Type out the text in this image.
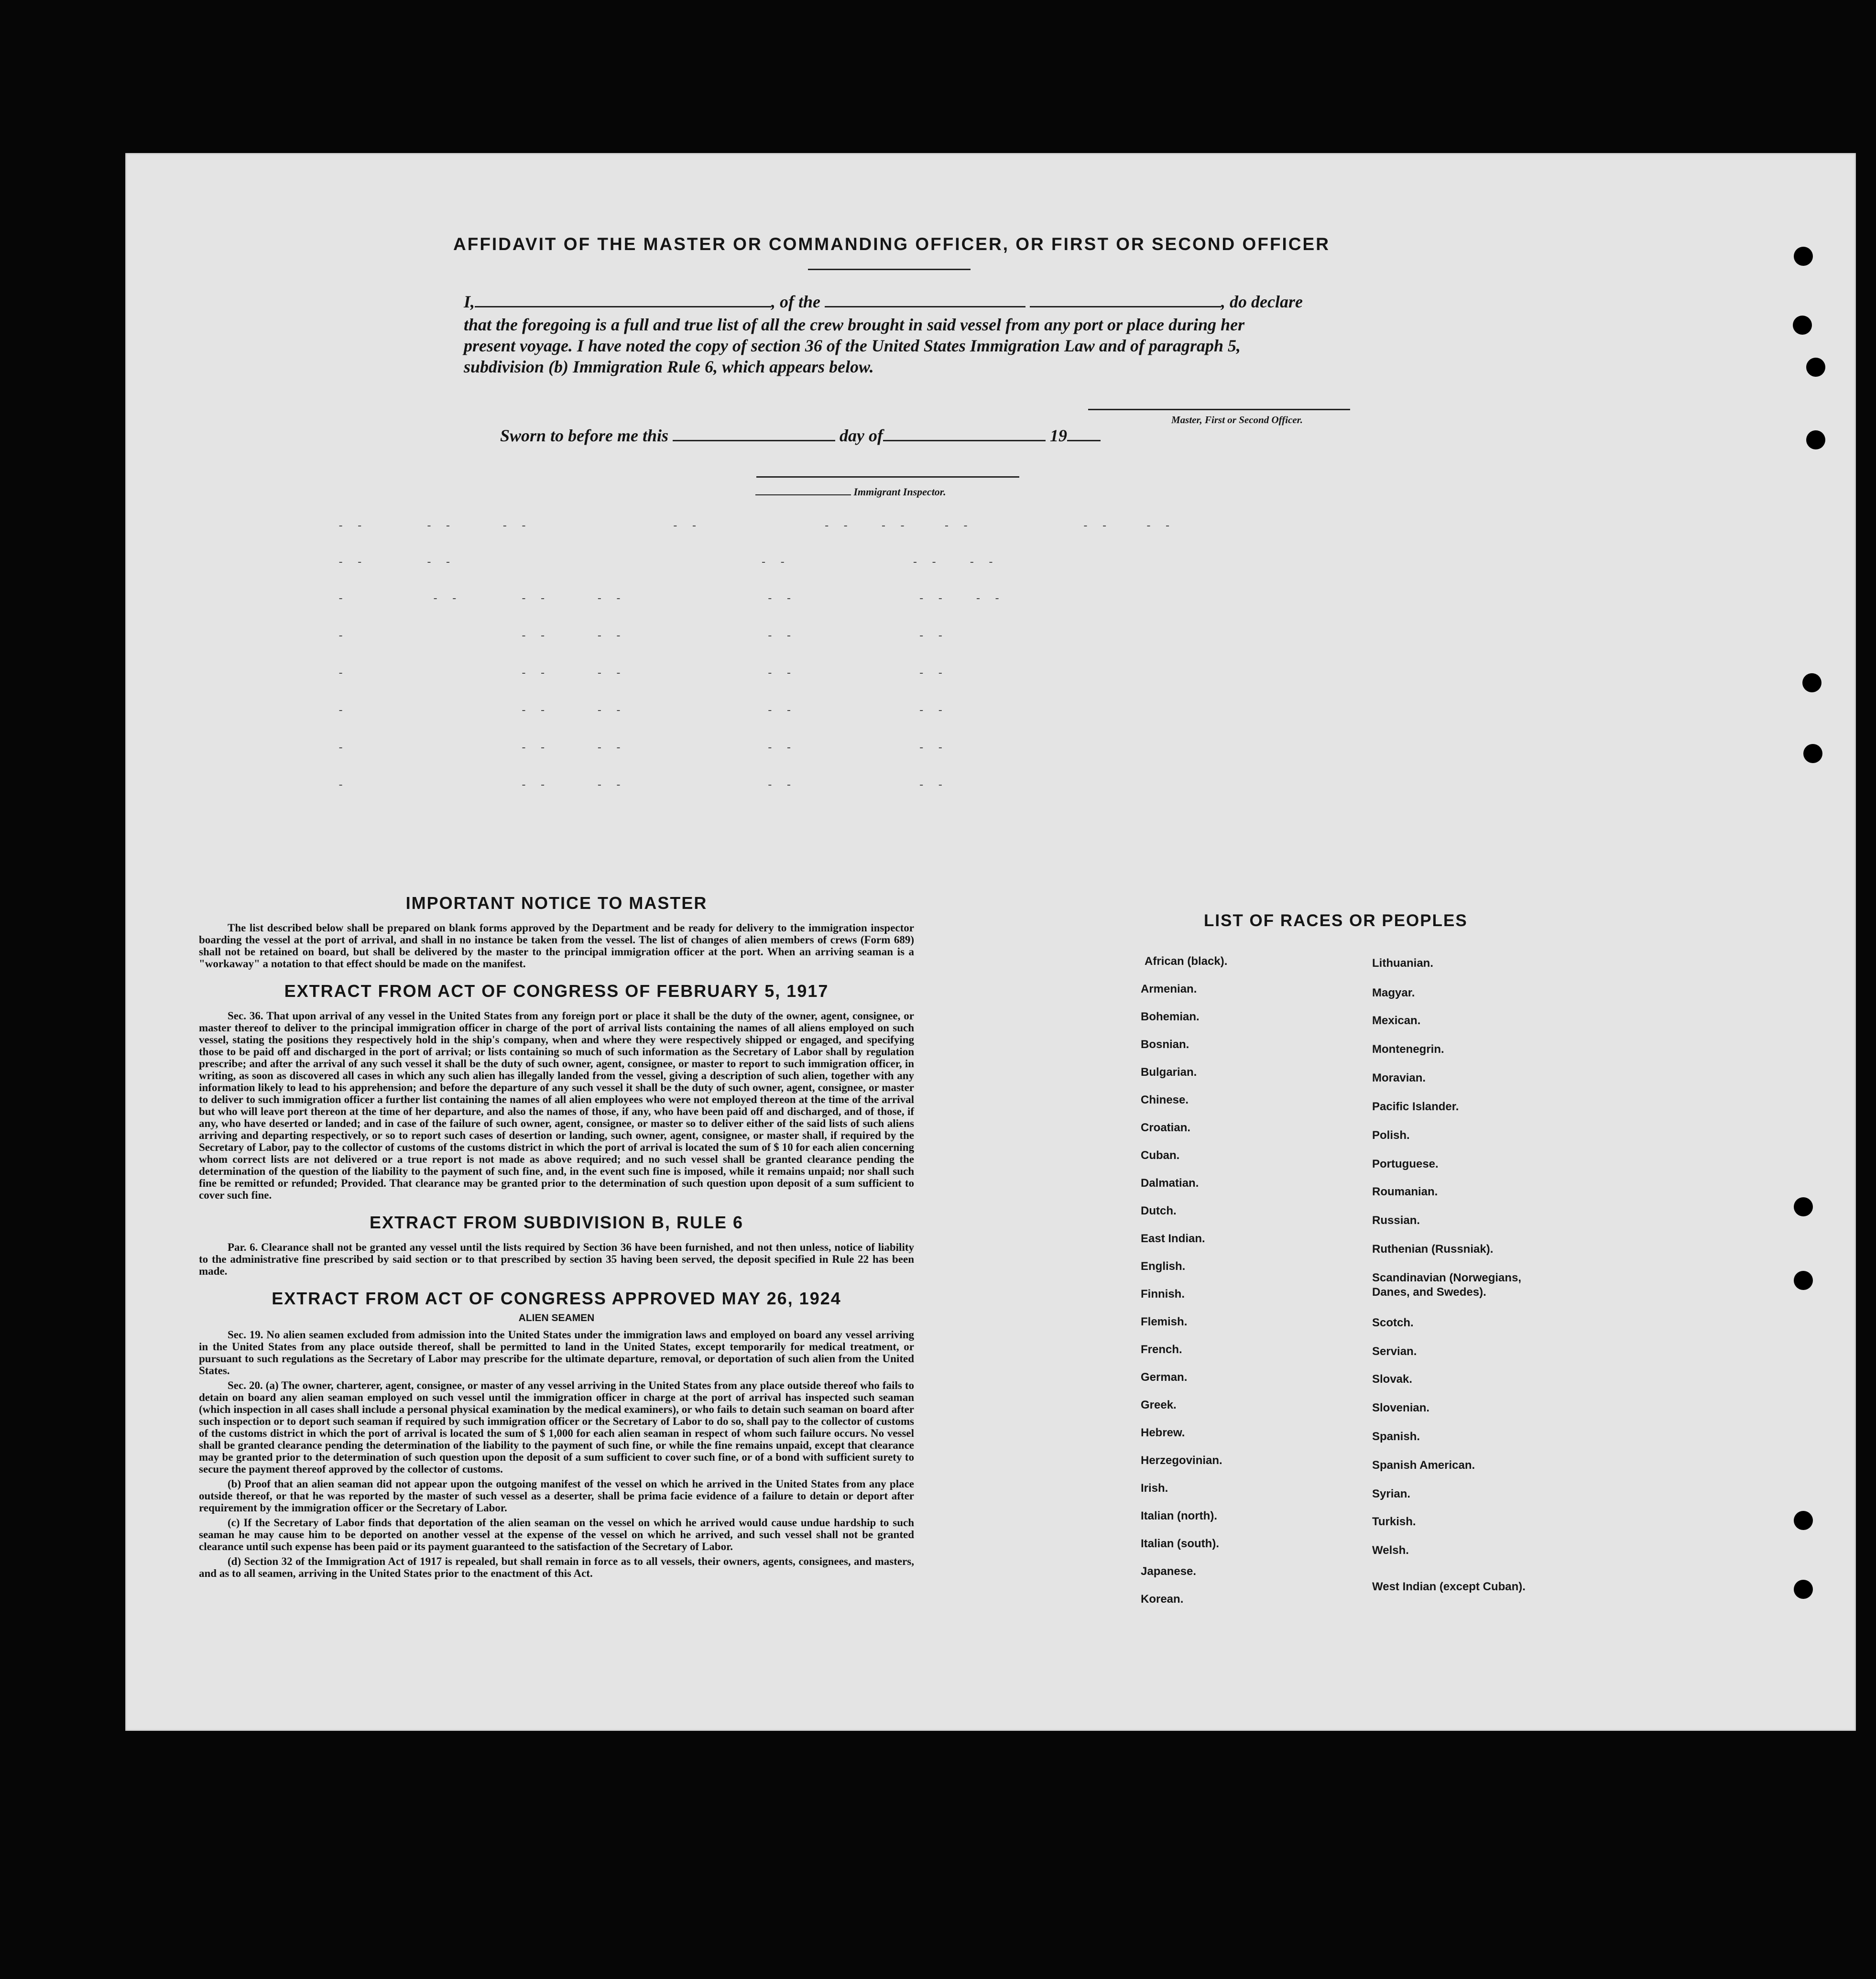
AFFIDAVIT OF THE MASTER OR COMMANDING OFFICER, OR FIRST OR SECOND OFFICER
I,	, of the	, do declare
that the foregoing is a full and true list of all the crew brought in said vessel from any port or place during her
present voyage. I have noted the copy of section 36 of the United States Immigration Law and of paragraph 5,
subdivision (b) Immigration Rule 6, which appears below.
Master, First or Second Officer.
Sworn to before me this	day of	19
Immigrant Inspector.
-  -          -  -        -  -                       -  -                    -  -     -  -      -  -                  -  -      -  -
-  -          -  -                                                 -  -                    -  -     -  -
-              -  -          -  -        -  -                       -  -                    -  -     -  -
-                            -  -        -  -                       -  -                    -  -
-                            -  -        -  -                       -  -                    -  -
-                            -  -        -  -                       -  -                    -  -
-                            -  -        -  -                       -  -                    -  -
-                            -  -        -  -                       -  -                    -  -
IMPORTANT NOTICE TO MASTER

The list described below shall be prepared on blank forms approved by the Department and be ready for delivery to the immigration inspector boarding the vessel at the port of arrival, and shall in no instance be taken from the vessel. The list of changes of alien members of crews (Form 689) shall not be retained on board, but shall be delivered by the master to the principal immigration officer at the port. When an arriving seaman is a "workaway" a notation to that effect should be made on the manifest.

EXTRACT FROM ACT OF CONGRESS OF FEBRUARY 5, 1917

Sec. 36. That upon arrival of any vessel in the United States from any foreign port or place it shall be the duty of the owner, agent, consignee, or master thereof to deliver to the principal immigration officer in charge of the port of arrival lists containing the names of all aliens employed on such vessel, stating the positions they respectively hold in the ship's company, when and where they were respectively shipped or engaged, and specifying those to be paid off and discharged in the port of arrival; or lists containing so much of such information as the Secretary of Labor shall by regulation prescribe; and after the arrival of any such vessel it shall be the duty of such owner, agent, consignee, or master to report to such immigration officer, in writing, as soon as discovered all cases in which any such alien has illegally landed from the vessel, giving a description of such alien, together with any information likely to lead to his apprehension; and before the departure of any such vessel it shall be the duty of such owner, agent, consignee, or master to deliver to such immigration officer a further list containing the names of all alien employees who were not employed thereon at the time of the arrival but who will leave port thereon at the time of her departure, and also the names of those, if any, who have been paid off and discharged, and of those, if any, who have deserted or landed; and in case of the failure of such owner, agent, consignee, or master so to deliver either of the said lists of such aliens arriving and departing respectively, or so to report such cases of desertion or landing, such owner, agent, consignee, or master shall, if required by the Secretary of Labor, pay to the collector of customs of the customs district in which the port of arrival is located the sum of $ 10 for each alien concerning whom correct lists are not delivered or a true report is not made as above required; and no such vessel shall be granted clearance pending the determination of the question of the liability to the payment of such fine, and, in the event such fine is imposed, while it remains unpaid; nor shall such fine be remitted or refunded; Provided. That clearance may be granted prior to the determination of such question upon deposit of a sum sufficient to cover such fine.

EXTRACT FROM SUBDIVISION B, RULE 6

Par. 6. Clearance shall not be granted any vessel until the lists required by Section 36 have been furnished, and not then unless, notice of liability to the administrative fine prescribed by said section or to that prescribed by section 35 having been served, the deposit specified in Rule 22 has been made.

EXTRACT FROM ACT OF CONGRESS APPROVED MAY 26, 1924
ALIEN SEAMEN

Sec. 19. No alien seamen excluded from admission into the United States under the immigration laws and employed on board any vessel arriving in the United States from any place outside thereof, shall be permitted to land in the United States, except temporarily for medical treatment, or pursuant to such regulations as the Secretary of Labor may prescribe for the ultimate departure, removal, or deportation of such alien from the United States.

Sec. 20. (a) The owner, charterer, agent, consignee, or master of any vessel arriving in the United States from any place outside thereof who fails to detain on board any alien seaman employed on such vessel until the immigration officer in charge at the port of arrival has inspected such seaman (which inspection in all cases shall include a personal physical examination by the medical examiners), or who fails to detain such seaman on board after such inspection or to deport such seaman if required by such immigration officer or the Secretary of Labor to do so, shall pay to the collector of customs of the customs district in which the port of arrival is located the sum of $ 1,000 for each alien seaman in respect of whom such failure occurs. No vessel shall be granted clearance pending the determination of the liability to the payment of such fine, or while the fine remains unpaid, except that clearance may be granted prior to the determination of such question upon the deposit of a sum sufficient to cover such fine, or of a bond with sufficient surety to secure the payment thereof approved by the collector of customs.

(b) Proof that an alien seaman did not appear upon the outgoing manifest of the vessel on which he arrived in the United States from any place outside thereof, or that he was reported by the master of such vessel as a deserter, shall be prima facie evidence of a failure to detain or deport after requirement by the immigration officer or the Secretary of Labor.

(c) If the Secretary of Labor finds that deportation of the alien seaman on the vessel on which he arrived would cause undue hardship to such seaman he may cause him to be deported on another vessel at the expense of the vessel on which he arrived, and such vessel shall not be granted clearance until such expense has been paid or its payment guaranteed to the satisfaction of the Secretary of Labor.

(d) Section 32 of the Immigration Act of 1917 is repealed, but shall remain in force as to all vessels, their owners, agents, consignees, and masters, and as to all seamen, arriving in the United States prior to the enactment of this Act.

LIST OF RACES OR PEOPLES
African (black).
Armenian.
Bohemian.
Bosnian.
Bulgarian.
Chinese.
Croatian.
Cuban.
Dalmatian.
Dutch.
East Indian.
English.
Finnish.
Flemish.
French.
German.
Greek.
Hebrew.
Herzegovinian.
Irish.
Italian (north).
Italian (south).
Japanese.
Korean.
Lithuanian.
Magyar.
Mexican.
Montenegrin.
Moravian.
Pacific Islander.
Polish.
Portuguese.
Roumanian.
Russian.
Ruthenian (Russniak).
Scandinavian (Norwegians, Danes, and Swedes).
Scotch.
Servian.
Slovak.
Slovenian.
Spanish.
Spanish American.
Syrian.
Turkish.
Welsh.
West Indian (except Cuban).
